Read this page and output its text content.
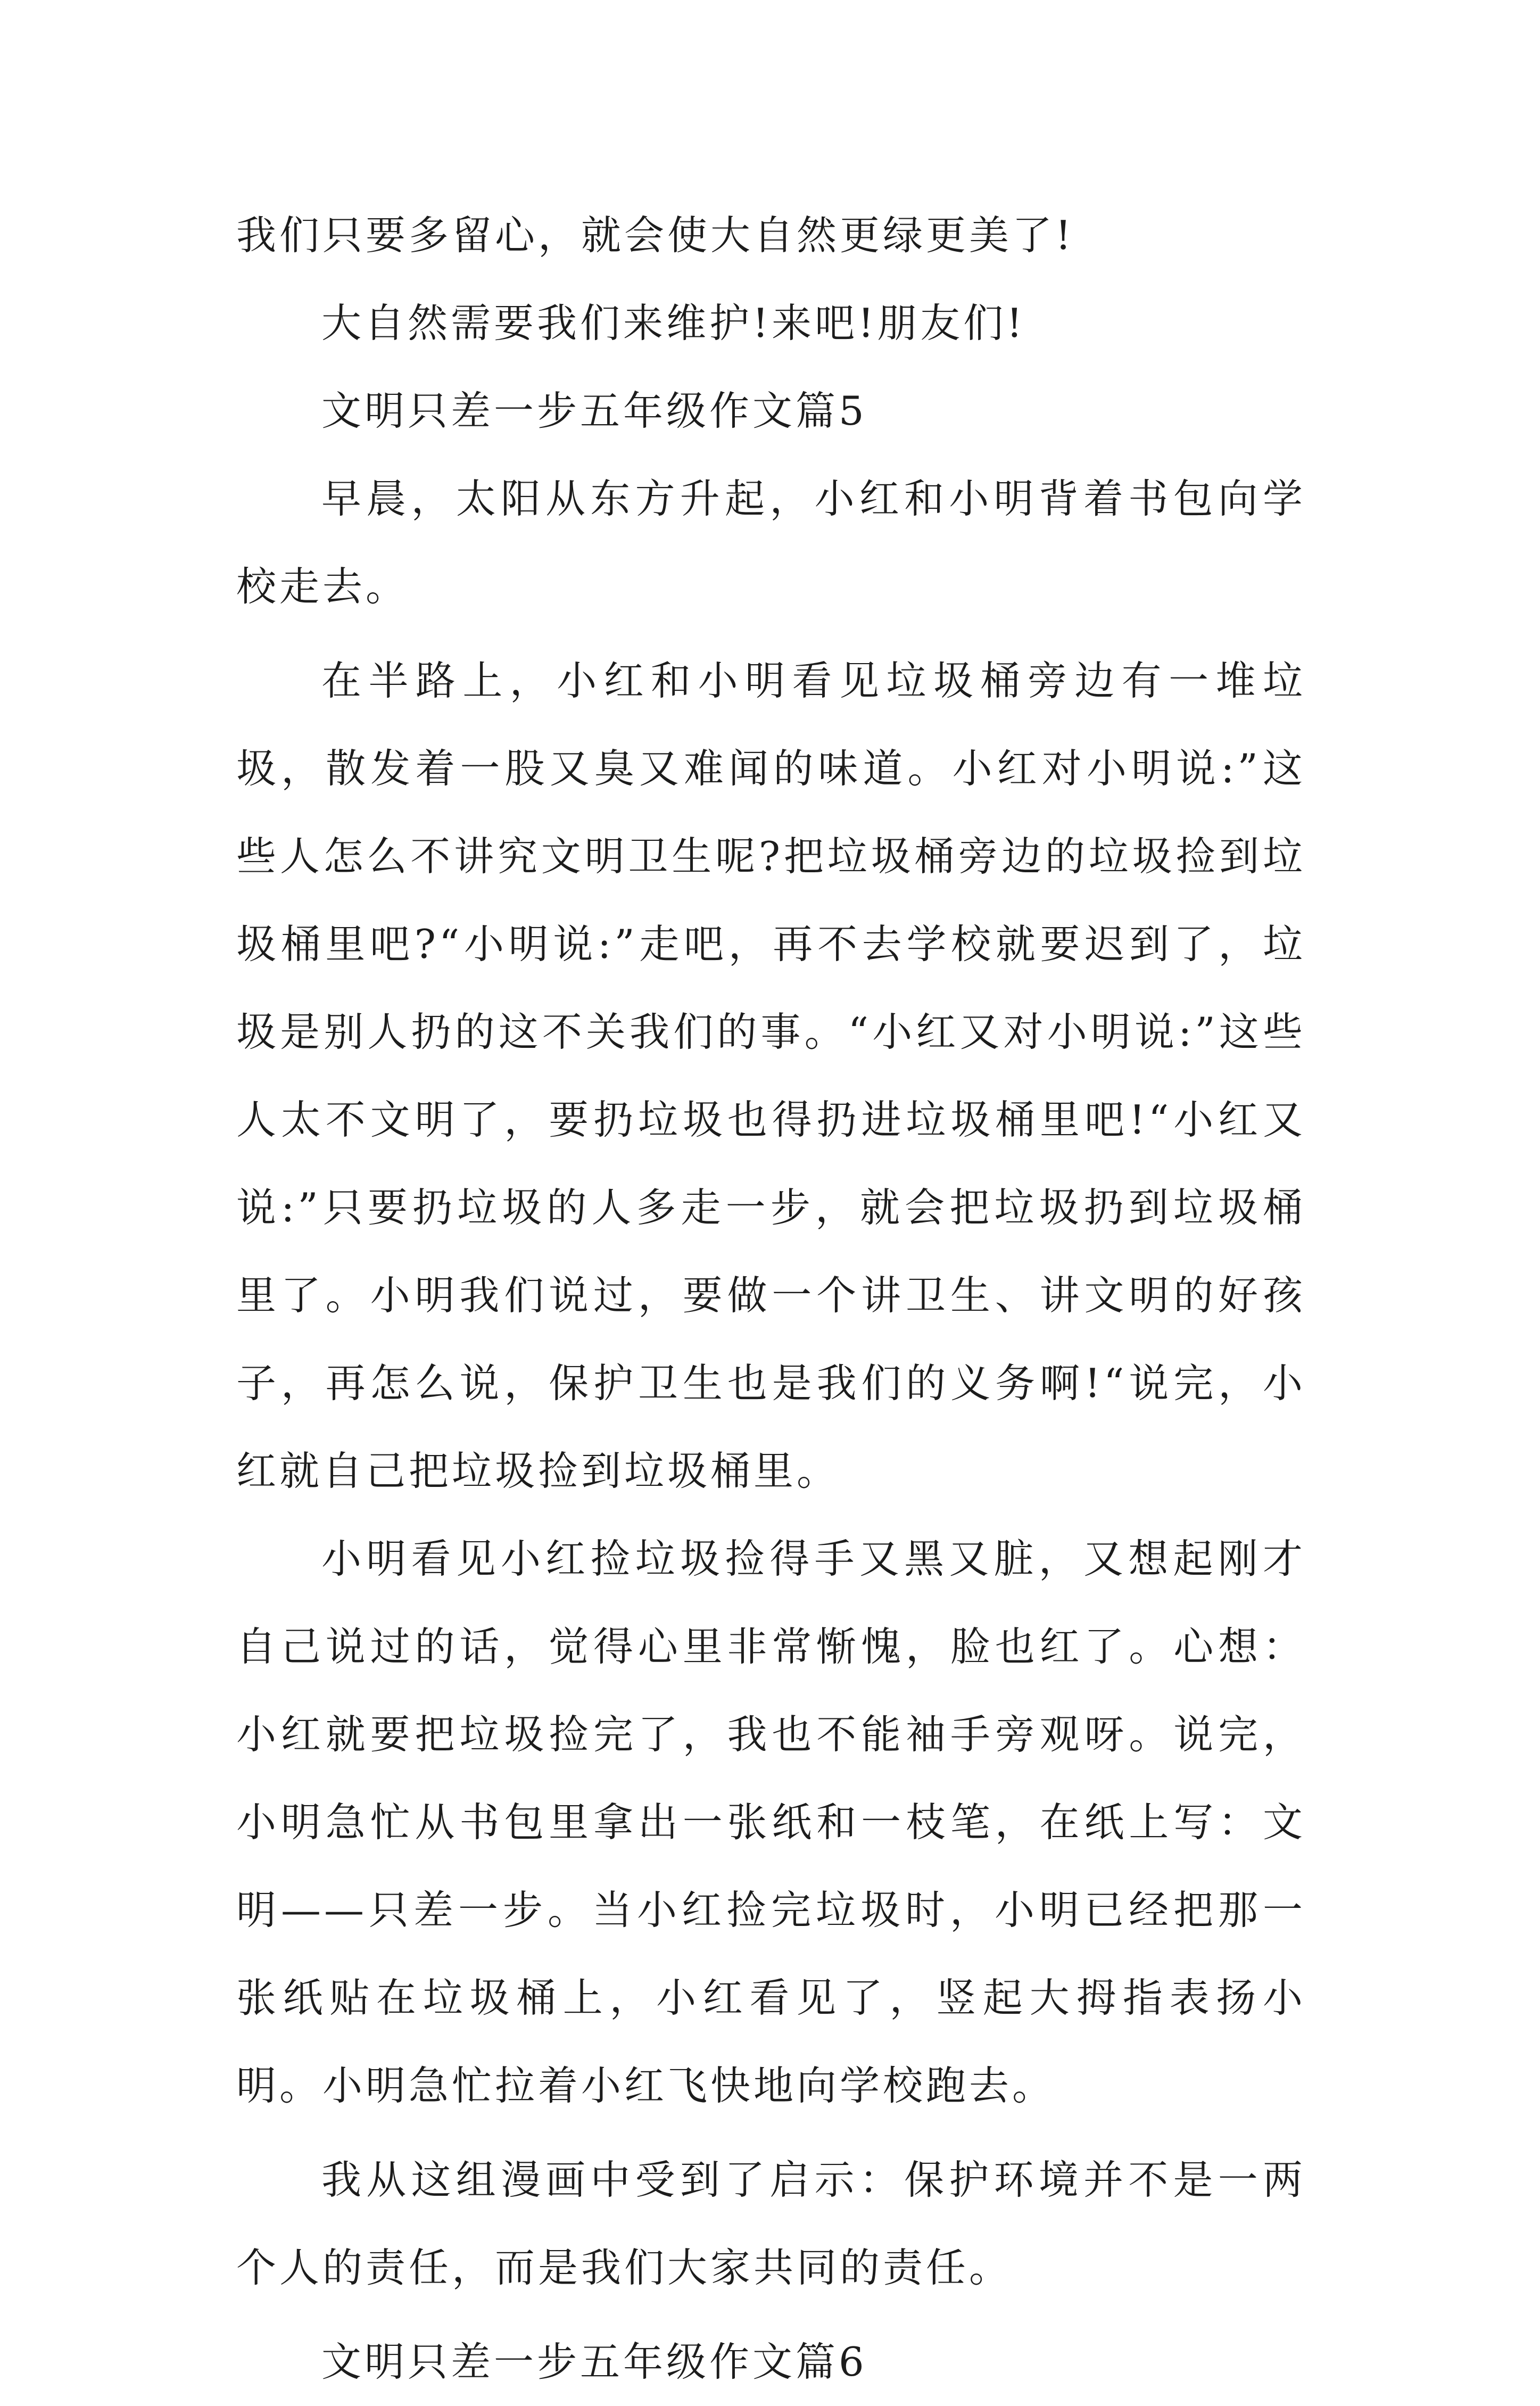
我们只要多留心，就会使大自然更绿更美了!

大自然需要我们来维护!来吧!朋友们!

文明只差一步五年级作文篇5

早晨，太阳从东方升起，小红和小明背着书包向学校走去。

在半路上，小红和小明看见垃圾桶旁边有一堆垃圾，散发着一股又臭又难闻的味道。小红对小明说:”这些人怎么不讲究文明卫生呢?把垃圾桶旁边的垃圾捡到垃圾桶里吧?“小明说:”走吧，再不去学校就要迟到了，垃圾是别人扔的这不关我们的事。“小红又对小明说:”这些人太不文明了，要扔垃圾也得扔进垃圾桶里吧!“小红又说:”只要扔垃圾的人多走一步，就会把垃圾扔到垃圾桶里了。小明我们说过，要做一个讲卫生、讲文明的好孩子，再怎么说，保护卫生也是我们的义务啊!“说完，小红就自己把垃圾捡到垃圾桶里。

小明看见小红捡垃圾捡得手又黑又脏，又想起刚才自己说过的话，觉得心里非常惭愧，脸也红了。心想：小红就要把垃圾捡完了，我也不能袖手旁观呀。说完，小明急忙从书包里拿出一张纸和一枝笔，在纸上写：文明——只差一步。当小红捡完垃圾时，小明已经把那一张纸贴在垃圾桶上，小红看见了，竖起大拇指表扬小明。小明急忙拉着小红飞快地向学校跑去。

我从这组漫画中受到了启示：保护环境并不是一两个人的责任，而是我们大家共同的责任。

文明只差一步五年级作文篇6
